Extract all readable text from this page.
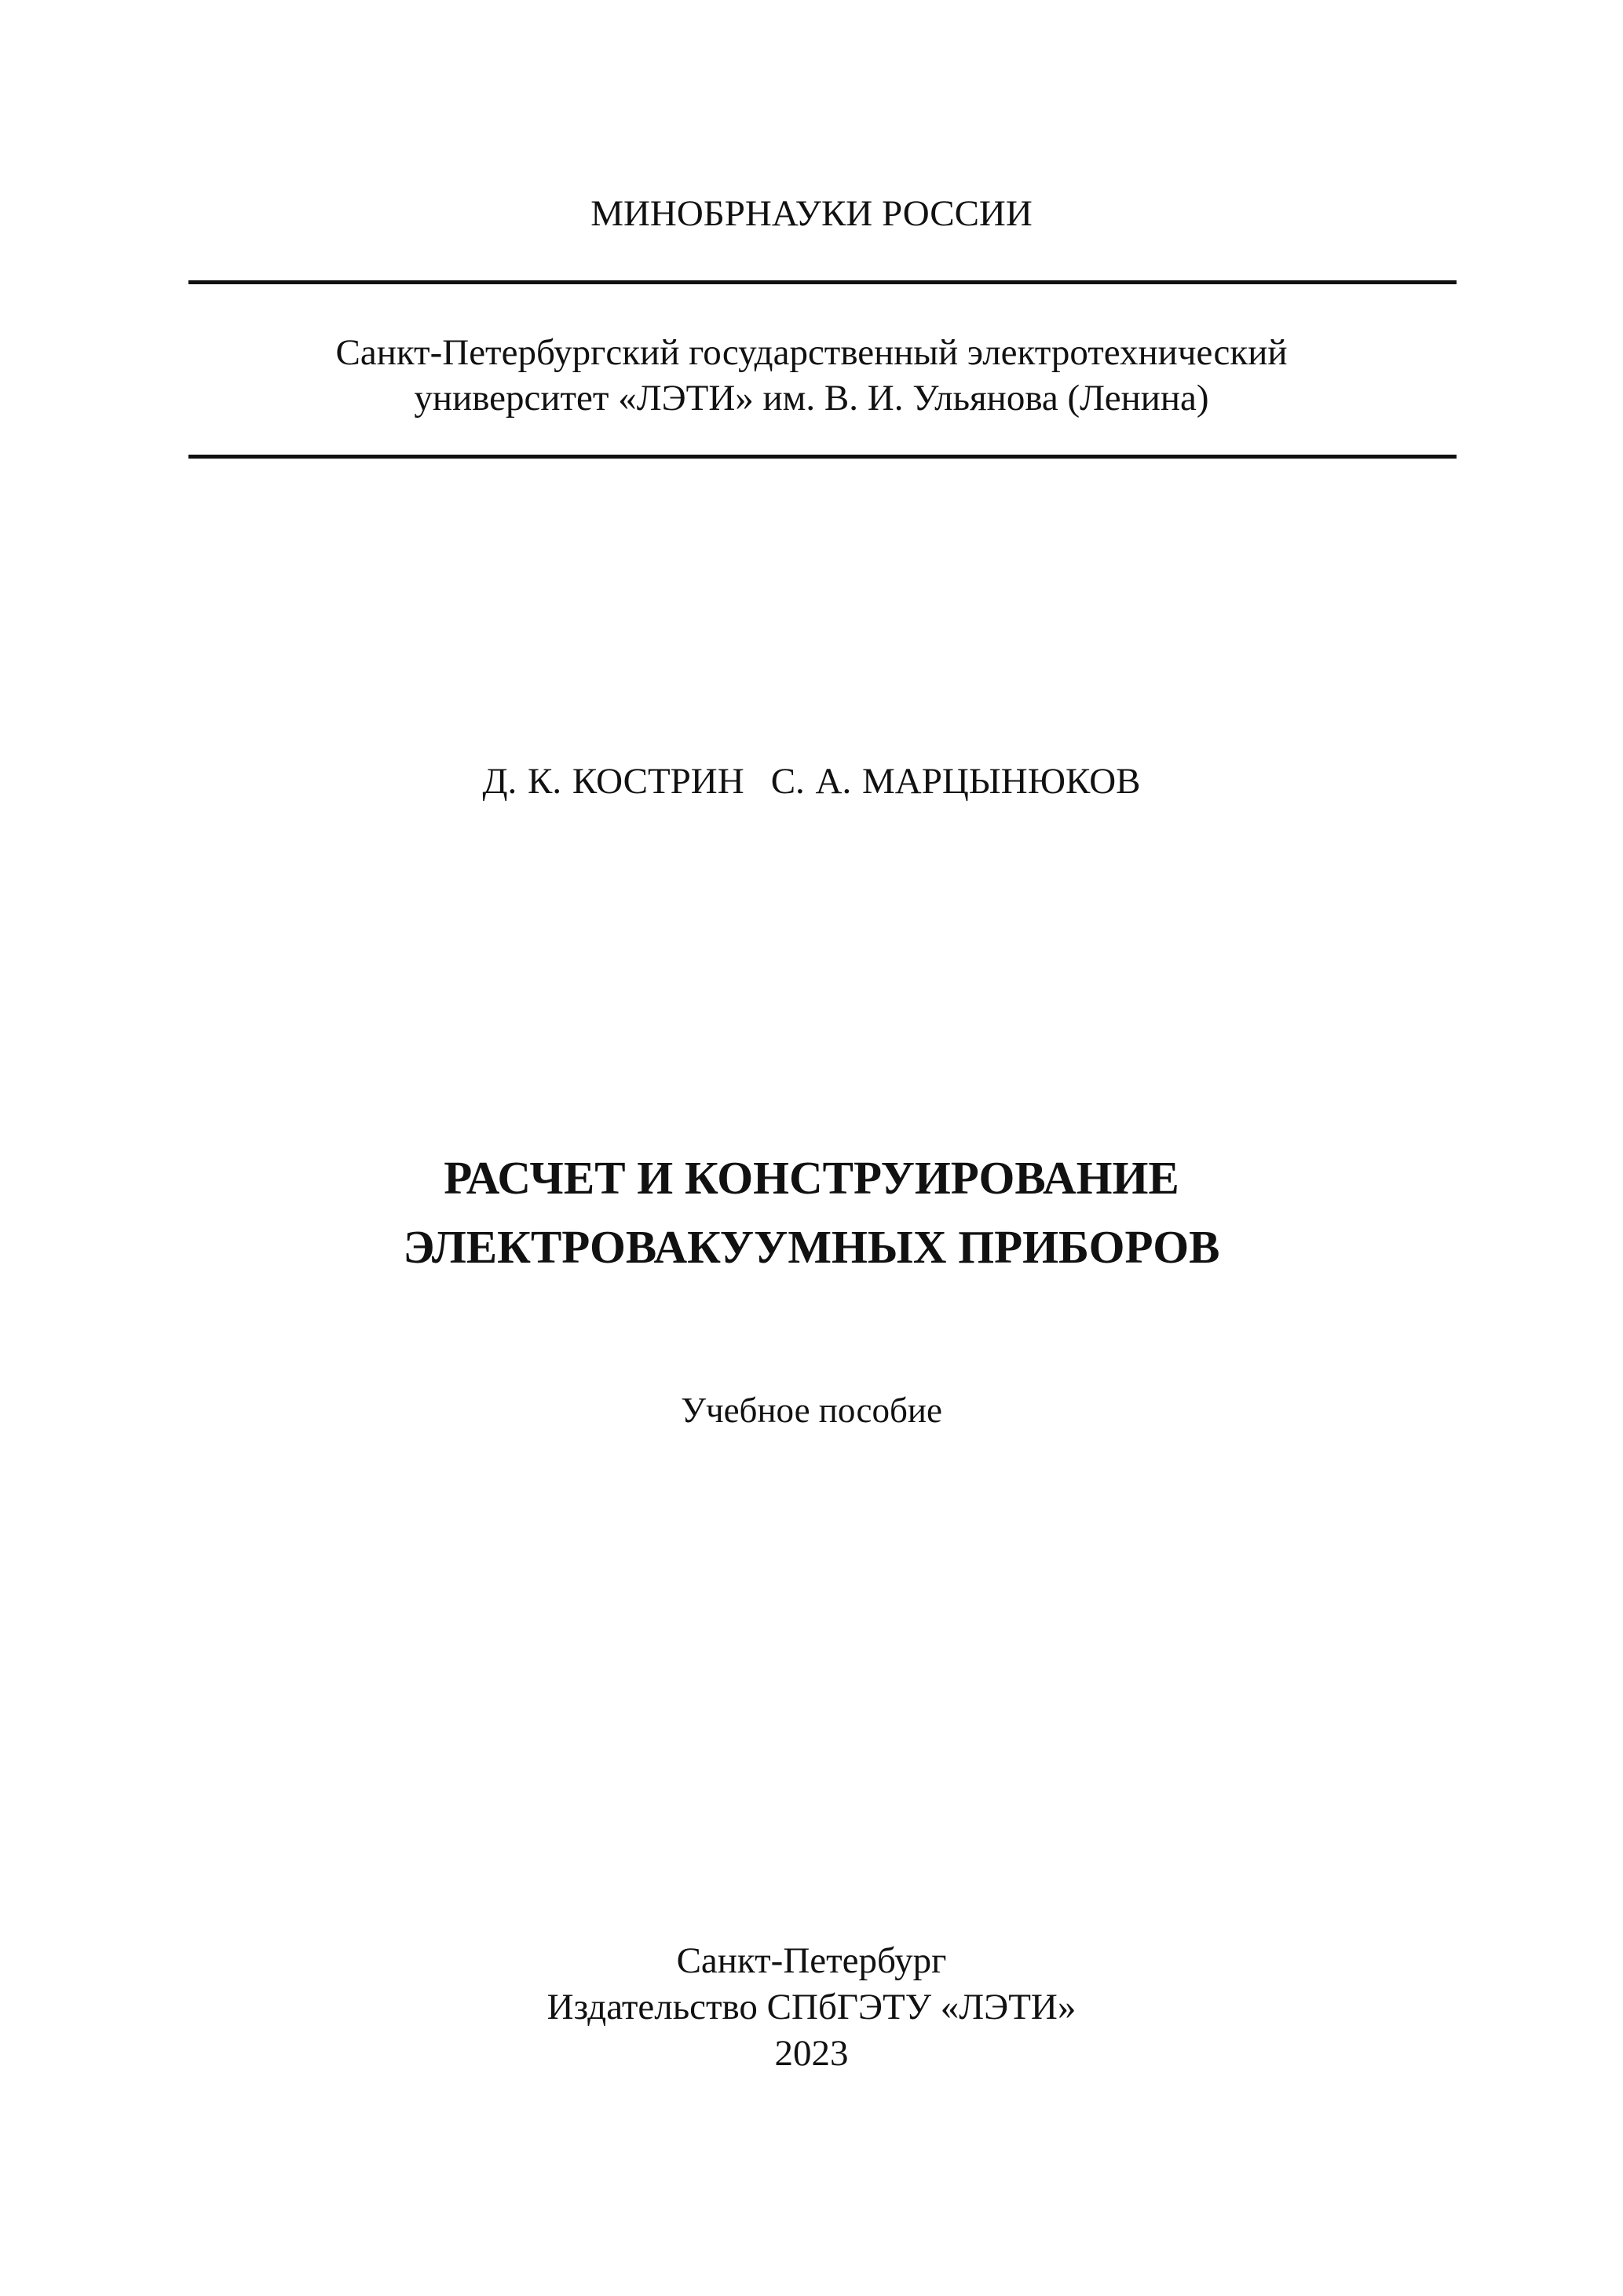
МИНОБРНАУКИ РОССИИ
Санкт-Петербургский государственный электротехнический
университет «ЛЭТИ» им. В. И. Ульянова (Ленина)
Д. К. КОСТРИН С. А. МАРЦЫНЮКОВ
РАСЧЕТ И КОНСТРУИРОВАНИЕ
ЭЛЕКТРОВАКУУМНЫХ ПРИБОРОВ
Учебное пособие
Санкт-Петербург
Издательство СПбГЭТУ «ЛЭТИ»
2023
